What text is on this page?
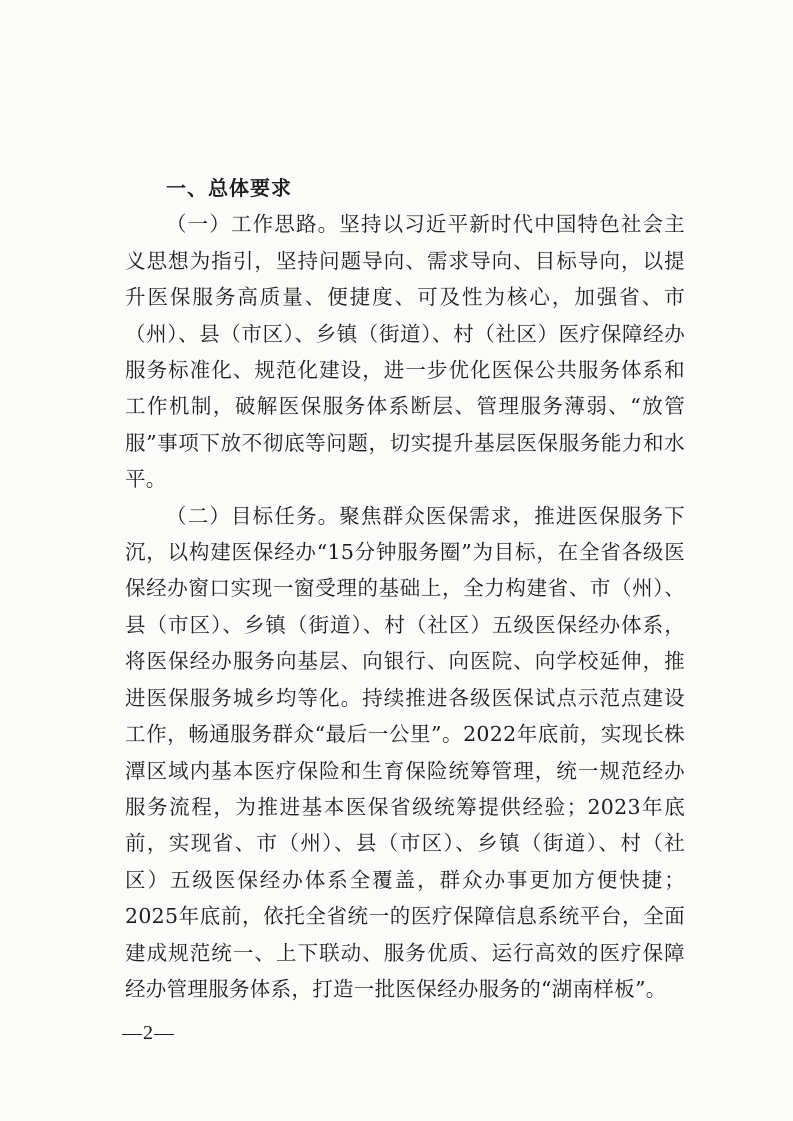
一、总体要求

（一）工作思路。坚持以习近平新时代中国特色社会主义思想为指引，坚持问题导向、需求导向、目标导向，以提升医保服务高质量、便捷度、可及性为核心，加强省、市（州）、县（市区）、乡镇（街道）、村（社区）医疗保障经办服务标准化、规范化建设，进一步优化医保公共服务体系和工作机制，破解医保服务体系断层、管理服务薄弱、“放管服”事项下放不彻底等问题，切实提升基层医保服务能力和水平。

（二）目标任务。聚焦群众医保需求，推进医保服务下沉，以构建医保经办“15分钟服务圈”为目标，在全省各级医保经办窗口实现一窗受理的基础上，全力构建省、市（州）、县（市区）、乡镇（街道）、村（社区）五级医保经办体系，将医保经办服务向基层、向银行、向医院、向学校延伸，推进医保服务城乡均等化。持续推进各级医保试点示范点建设工作，畅通服务群众“最后一公里”。2022年底前，实现长株潭区域内基本医疗保险和生育保险统筹管理，统一规范经办服务流程，为推进基本医保省级统筹提供经验；2023年底前，实现省、市（州）、县（市区）、乡镇（街道）、村（社区）五级医保经办体系全覆盖，群众办事更加方便快捷；2025年底前，依托全省统一的医疗保障信息系统平台，全面建成规范统一、上下联动、服务优质、运行高效的医疗保障经办管理服务体系，打造一批医保经办服务的“湖南样板”。

—2—
